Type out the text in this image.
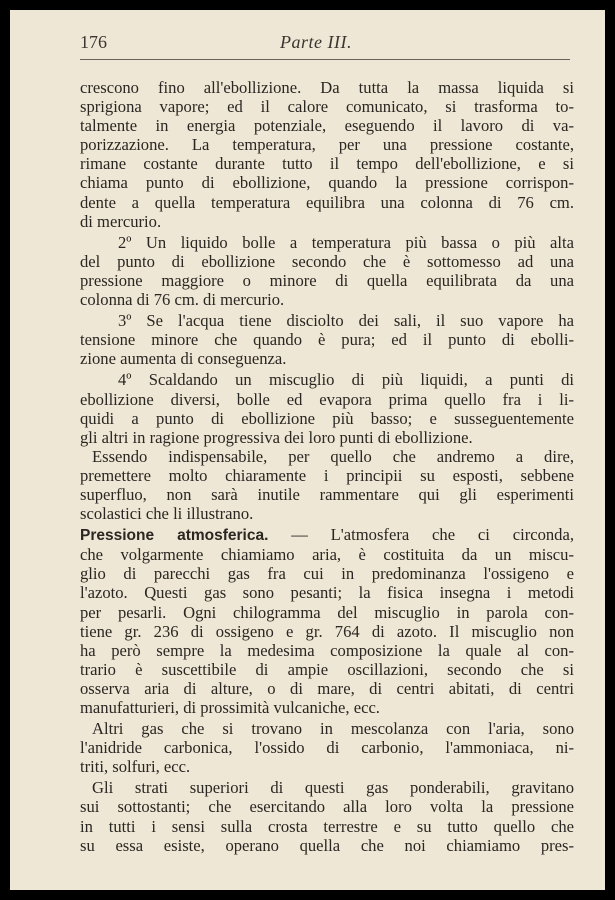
176	Parte III.

crescono fino all'ebollizione. Da tutta la massa liquida si

sprigiona vapore; ed il calore comunicato, si trasforma to-

talmente in energia potenziale, eseguendo il lavoro di va-

porizzazione. La temperatura, per una pressione costante,

rimane costante durante tutto il tempo dell'ebollizione, e si

chiama punto di ebollizione, quando la pressione corrispon-

dente a quella temperatura equilibra una colonna di 76 cm.

di mercurio.

2º Un liquido bolle a temperatura più bassa o più alta

del punto di ebollizione secondo che è sottomesso ad una

pressione maggiore o minore di quella equilibrata da una

colonna di 76 cm. di mercurio.

3º Se l'acqua tiene disciolto dei sali, il suo vapore ha

tensione minore che quando è pura; ed il punto di ebolli-

zione aumenta di conseguenza.

4º Scaldando un miscuglio di più liquidi, a punti di

ebollizione diversi, bolle ed evapora prima quello fra i li-

quidi a punto di ebollizione più basso; e susseguentemente

gli altri in ragione progressiva dei loro punti di ebollizione.

Essendo indispensabile, per quello che andremo a dire,

premettere molto chiaramente i principii su esposti, sebbene

superfluo, non sarà inutile rammentare qui gli esperimenti

scolastici che li illustrano.

Pressione atmosferica. — L'atmosfera che ci circonda,

che volgarmente chiamiamo aria, è costituita da un miscu-

glio di parecchi gas fra cui in predominanza l'ossigeno e

l'azoto. Questi gas sono pesanti; la fisica insegna i metodi

per pesarli. Ogni chilogramma del miscuglio in parola con-

tiene gr. 236 di ossigeno e gr. 764 di azoto. Il miscuglio non

ha però sempre la medesima composizione la quale al con-

trario è suscettibile di ampie oscillazioni, secondo che si

osserva aria di alture, o di mare, di centri abitati, di centri

manufatturieri, di prossimità vulcaniche, ecc.

Altri gas che si trovano in mescolanza con l'aria, sono

l'anidride carbonica, l'ossido di carbonio, l'ammoniaca, ni-

triti, solfuri, ecc.

Gli strati superiori di questi gas ponderabili, gravitano

sui sottostanti; che esercitando alla loro volta la pressione

in tutti i sensi sulla crosta terrestre e su tutto quello che

su essa esiste, operano quella che noi chiamiamo pres-
